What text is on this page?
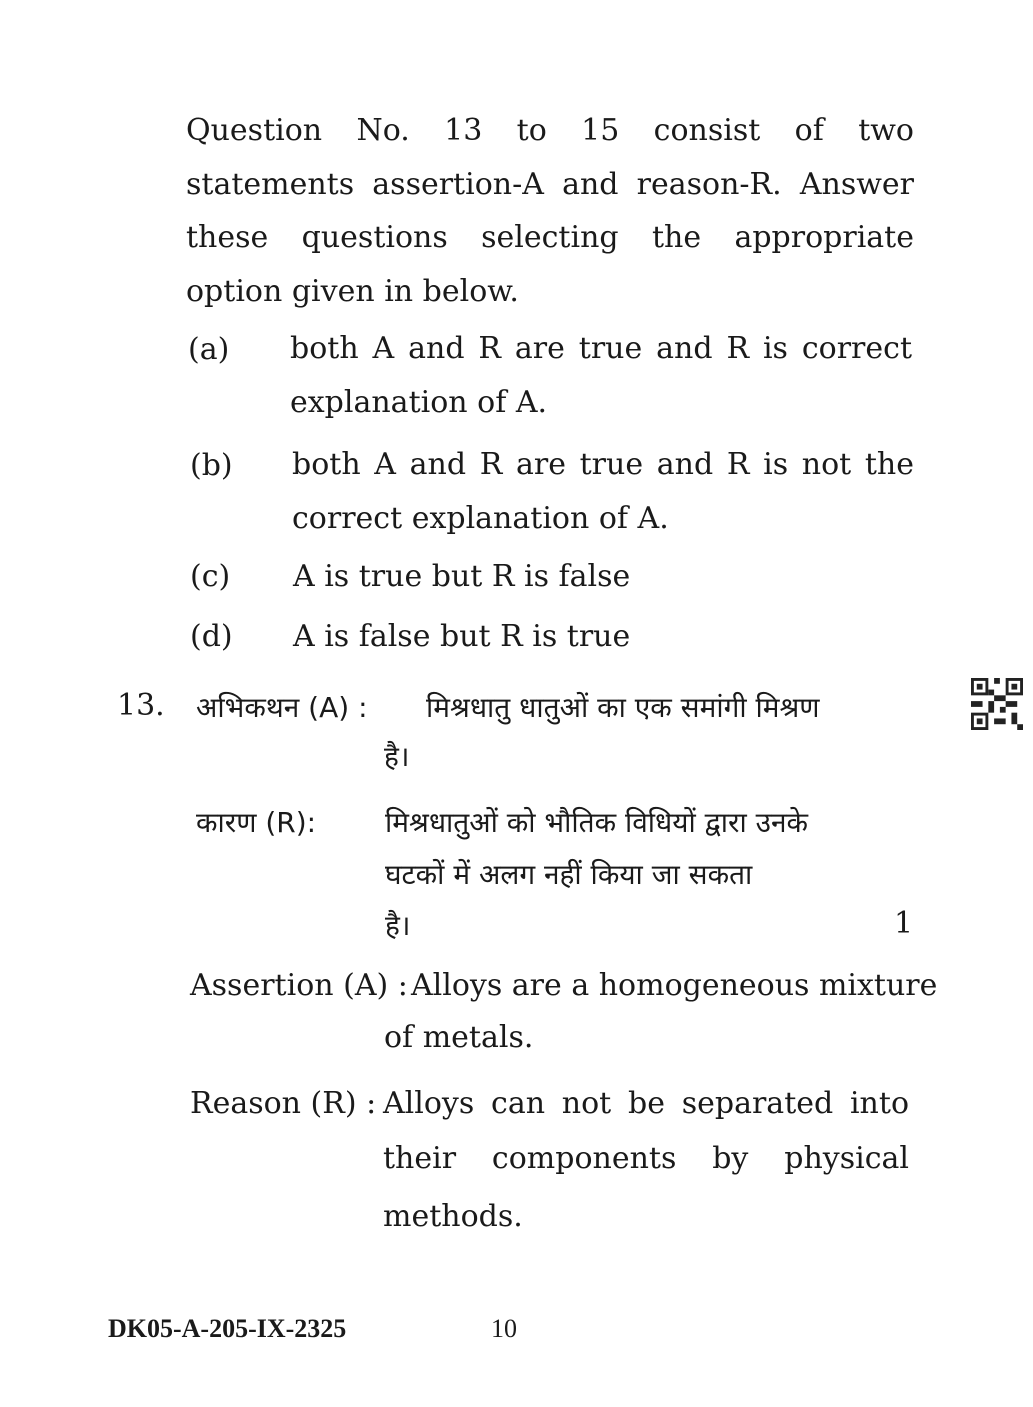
Question No. 13 to 15 consist of two statements assertion-A and reason-R. Answer these questions selecting the appropriate option given in below.
(a) both A and R are true and R is correct explanation of A.
(b) both A and R are true and R is not the correct explanation of A.
(c) A is true but R is false
(d) A is false but R is true
13. अभिकथन (A) : मिश्रधातु धातुओं का एक समांगी मिश्रण
है।
कारण (R): मिश्रधातुओं को भौतिक विधियों द्वारा उनके
घटकों में अलग नहीं किया जा सकता
है।	1
Assertion (A) : Alloys are a homogeneous mixture
of metals.
Reason (R) : Alloys can not be separated into
their components by physical
methods.
DK05-A-205-IX-2325	10
